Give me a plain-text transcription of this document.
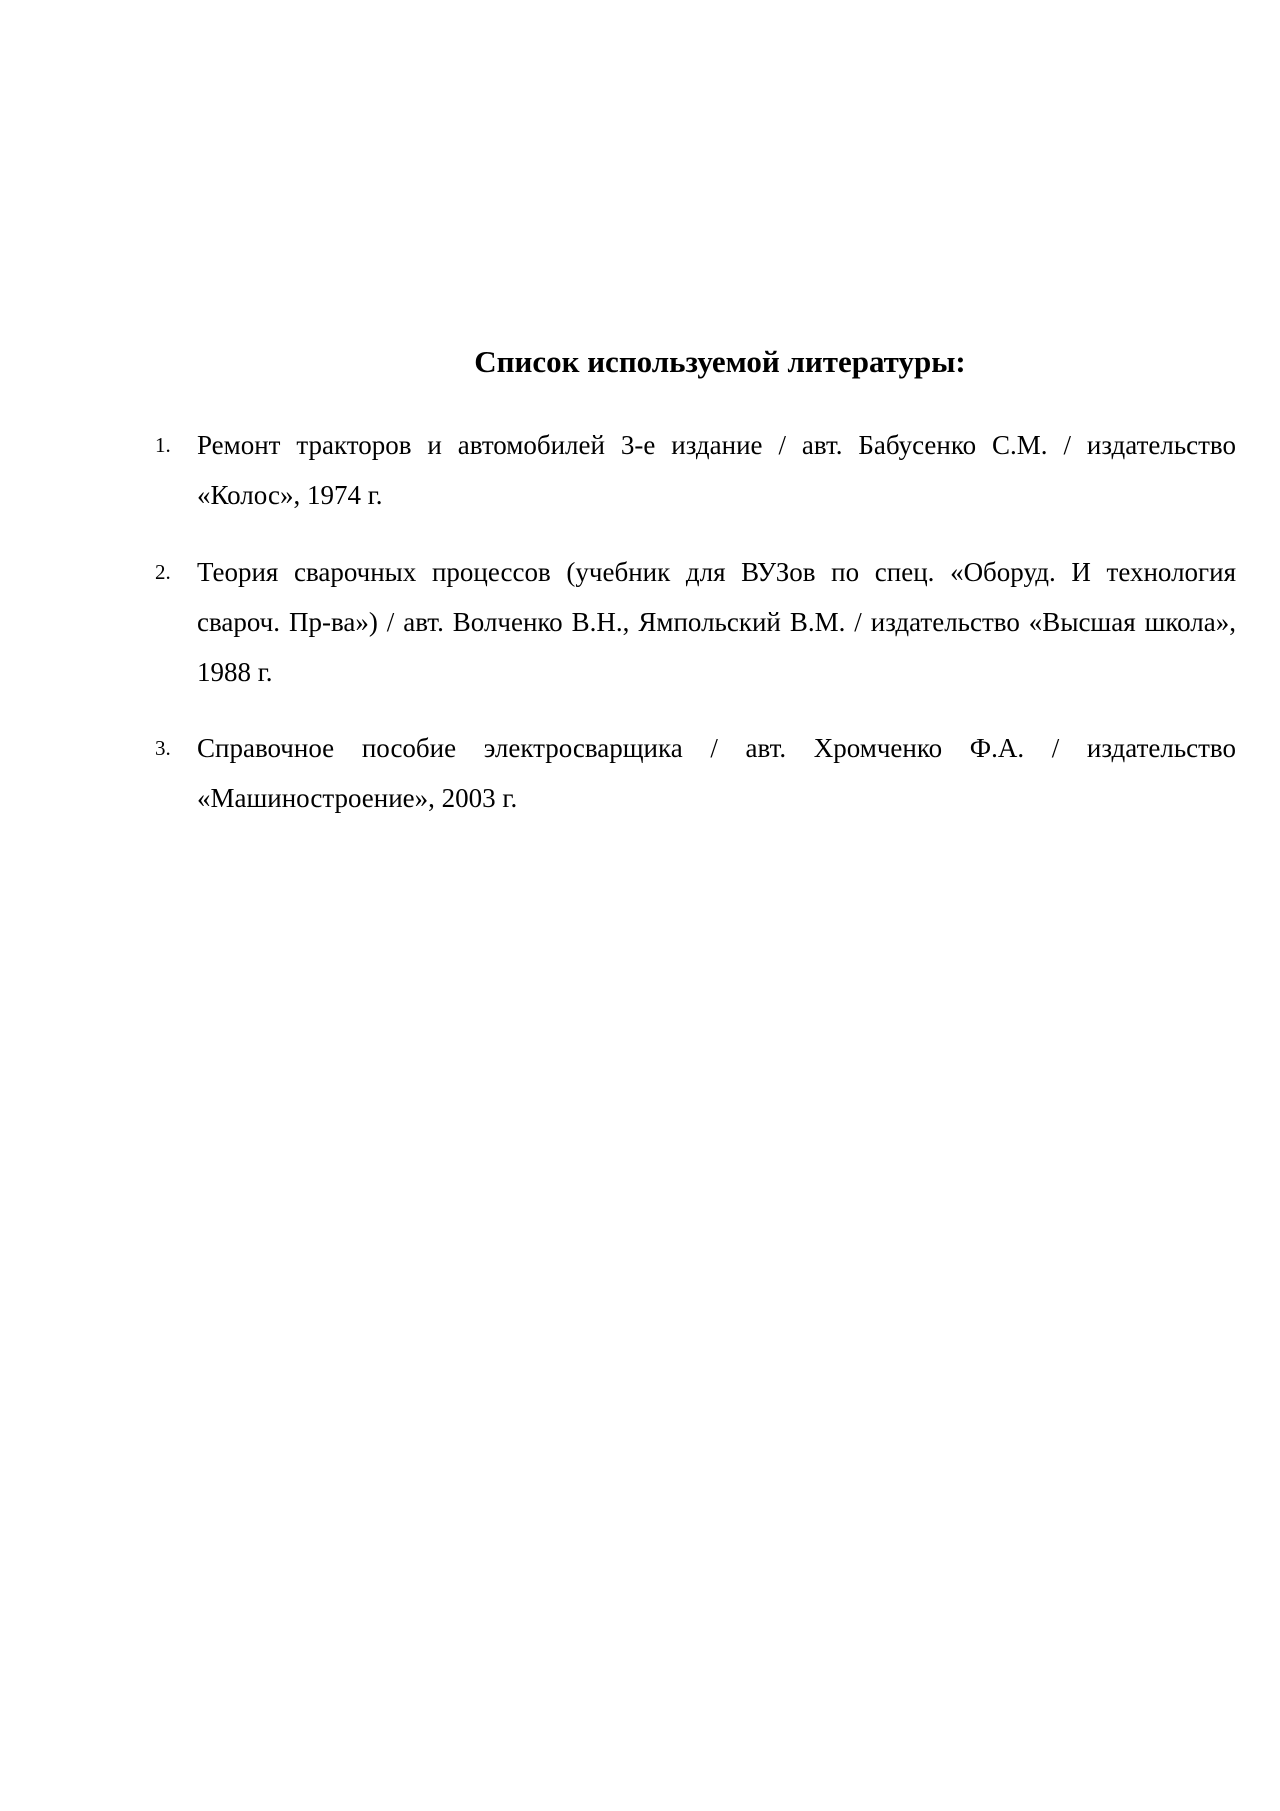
Список используемой литературы:
1. Ремонт тракторов и автомобилей 3-е издание / авт. Бабусенко С.М. / издательство «Колос», 1974 г.
2. Теория сварочных процессов (учебник для ВУЗов по спец. «Оборуд. И технология свароч. Пр-ва») / авт. Волченко В.Н., Ямпольский В.М. / издательство «Высшая школа», 1988 г.
3. Справочное пособие электросварщика / авт. Хромченко Ф.А. / издательство «Машиностроение», 2003 г.
